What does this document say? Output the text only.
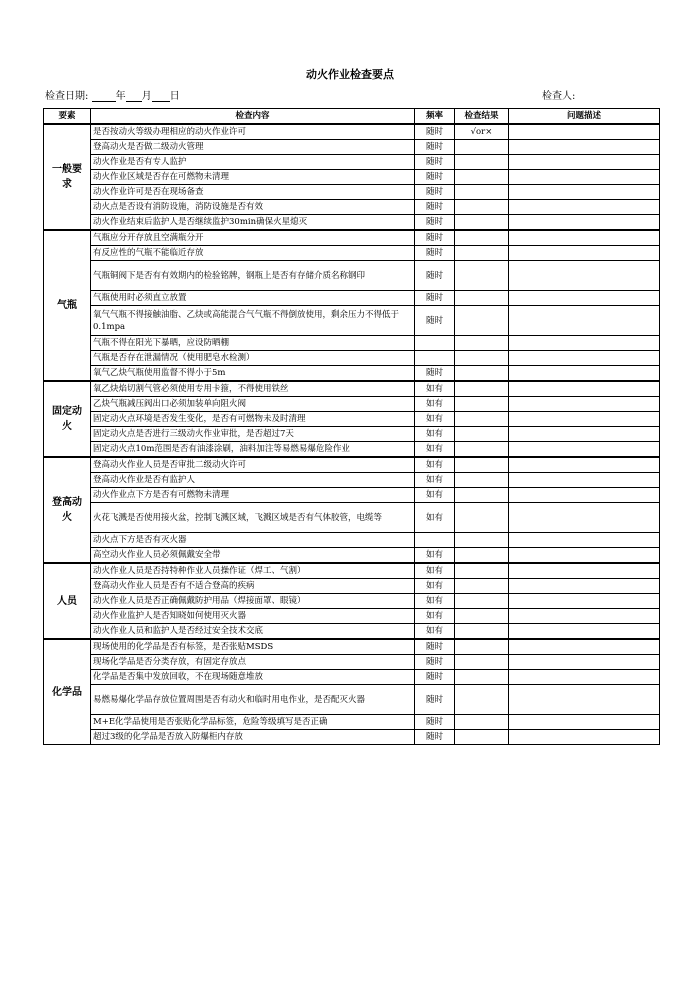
动火作业检查要点
检查日期:	年 月 日	检查人:
要素	检查内容	频率	检查结果	问题描述
一般要求	是否按动火等级办理相应的动火作业许可	随时	√or×	
	登高动火是否做二级动火管理	随时		
	动火作业是否有专人监护	随时		
	动火作业区域是否存在可燃物未清理	随时		
	动火作业许可是否在现场备查	随时		
	动火点是否设有消防设施，消防设施是否有效	随时		
	动火作业结束后监护人是否继续监护30min确保火星熄灭	随时		
气瓶	气瓶应分开存放且空满瓶分开	随时		
	有反应性的气瓶不能临近存放	随时		
	气瓶铜阀下是否有有效期内的检验铭牌，钢瓶上是否有存储介质名称钢印	随时		
	气瓶使用时必须直立放置	随时		
	氧气气瓶不得接触油脂、乙炔或高能混合气气瓶不得倒放使用，剩余压力不得低于0.1mpa	随时		
	气瓶不得在阳光下暴晒，应设防晒棚			
	气瓶是否存在泄漏情况（使用肥皂水检测）			
	氧气乙炔气瓶使用监督不得小于5m	随时		
固定动火	氧乙炔焰切割气管必须使用专用卡箍，不得使用铁丝	如有		
	乙炔气瓶减压阀出口必须加装单向阻火阀	如有		
	固定动火点环境是否发生变化，是否有可燃物未及时清理	如有		
	固定动火点是否进行三级动火作业审批，是否超过7天	如有		
	固定动火点10m范围是否有油漆涂刷，油料加注等易燃易爆危险作业	如有		
登高动火	登高动火作业人员是否审批二级动火许可	如有		
	登高动火作业是否有监护人	如有		
	动火作业点下方是否有可燃物未清理	如有		
	火花飞溅是否使用接火盆，控制飞溅区域，飞溅区域是否有气体胶管，电缆等	如有		
	动火点下方是否有灭火器			
	高空动火作业人员必须佩戴安全带	如有		
人员	动火作业人员是否持特种作业人员操作证（焊工、气割）	如有		
	登高动火作业人员是否有不适合登高的疾病	如有		
	动火作业人员是否正确佩戴防护用品（焊接面罩、眼镜）	如有		
	动火作业监护人是否知晓如何使用灭火器	如有		
	动火作业人员和监护人是否经过安全技术交底	如有		
化学品	现场使用的化学品是否有标签，是否张贴MSDS	随时		
	现场化学品是否分类存放，有固定存放点	随时		
	化学品是否集中发放回收，不在现场随意堆放	随时		
	易燃易爆化学品存放位置周围是否有动火和临时用电作业，是否配灭火器	随时		
	M+E化学品使用是否张贴化学品标签，危险等级填写是否正确	随时		
	超过3级的化学品是否放入防爆柜内存放	随时		
